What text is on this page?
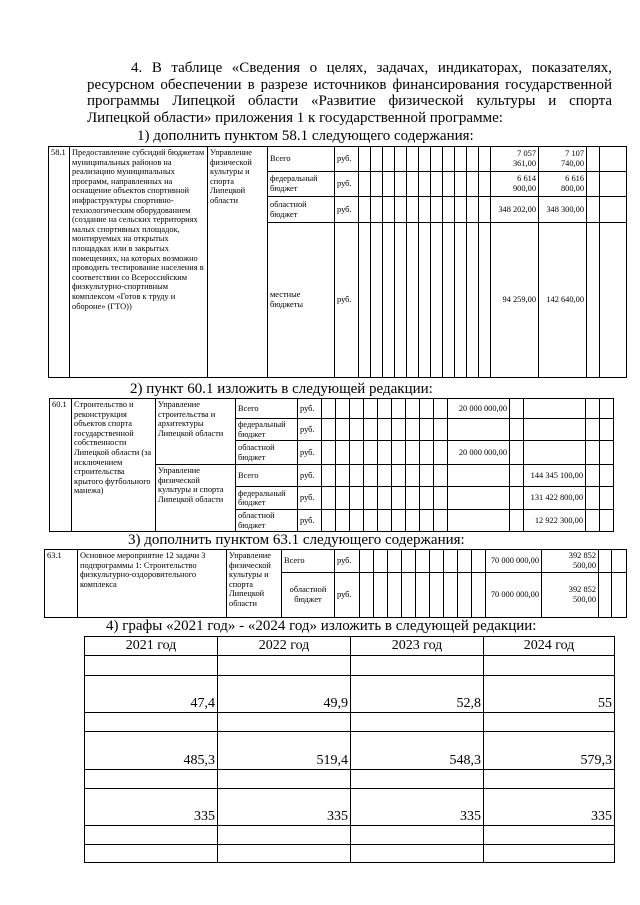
4. В таблице «Сведения о целях, задачах, индикаторах, показателях, ресурсном обеспечении в разрезе источников финансирования государственной программы Липецкой области «Развитие физической культуры и спорта Липецкой области» приложения 1 к государственной программе:
1) дополнить пунктом 58.1 следующего содержания:
58.1	Предоставление субсидий бюджетам муниципальных районов на реализацию муниципальных программ, направленных на оснащение объектов спортивной инфраструктуры спортивно-технологическим оборудованием (создание на сельских территориях малых спортивных площадок, монтируемых на открытых площадках или в закрытых помещениях, на которых возможно проводить тестирование населения в соответствии со Всероссийским физкультурно-спортивным комплексом «Готов к труду и обороне» (ГТО))	Управление физической культуры и спорта Липецкой области	Всего	руб.												7 057 361,00	7 107 740,00		
			федеральный бюджет	руб.												6 614 900,00	6 616 800,00		
			областной бюджет	руб.												348 202,00	348 300,00		
			местные бюджеты	руб.												94 259,00	142 640,00		
2) пункт 60.1 изложить в следующей редакции:
60.1	Строительство и реконструкция объектов спорта государственной собственности Липецкой области (за исключением строительства крытого футбольного манежа)	Управление строительства и архитектуры Липецкой области	Всего	руб.										20 000 000,00				
			федеральный бюджет	руб.														
			областной бюджет	руб.										20 000 000,00				
		Управление физической культуры и спорта Липецкой области	Всего	руб.												144 345 100,00		
			федеральный бюджет	руб.												131 422 800,00		
			областной бюджет	руб.												12 922 300,00		
3) дополнить пунктом 63.1 следующего содержания:
63.1	Основное мероприятие 12 задачи 3 подпрограммы 1: Строительство физкультурно-оздоровительного комплекса	Управление физической культуры и спорта Липецкой области	Всего	руб.										70 000 000,00	392 852 500,00		
			областной бюджет	руб.										70 000 000,00	392 852 500,00		
4) графы «2021 год» - «2024 год» изложить в следующей редакции:
2021 год	2022 год	2023 год	2024 год

47,4	49,9	52,8	55

485,3	519,4	548,3	579,3

335	335	335	335
